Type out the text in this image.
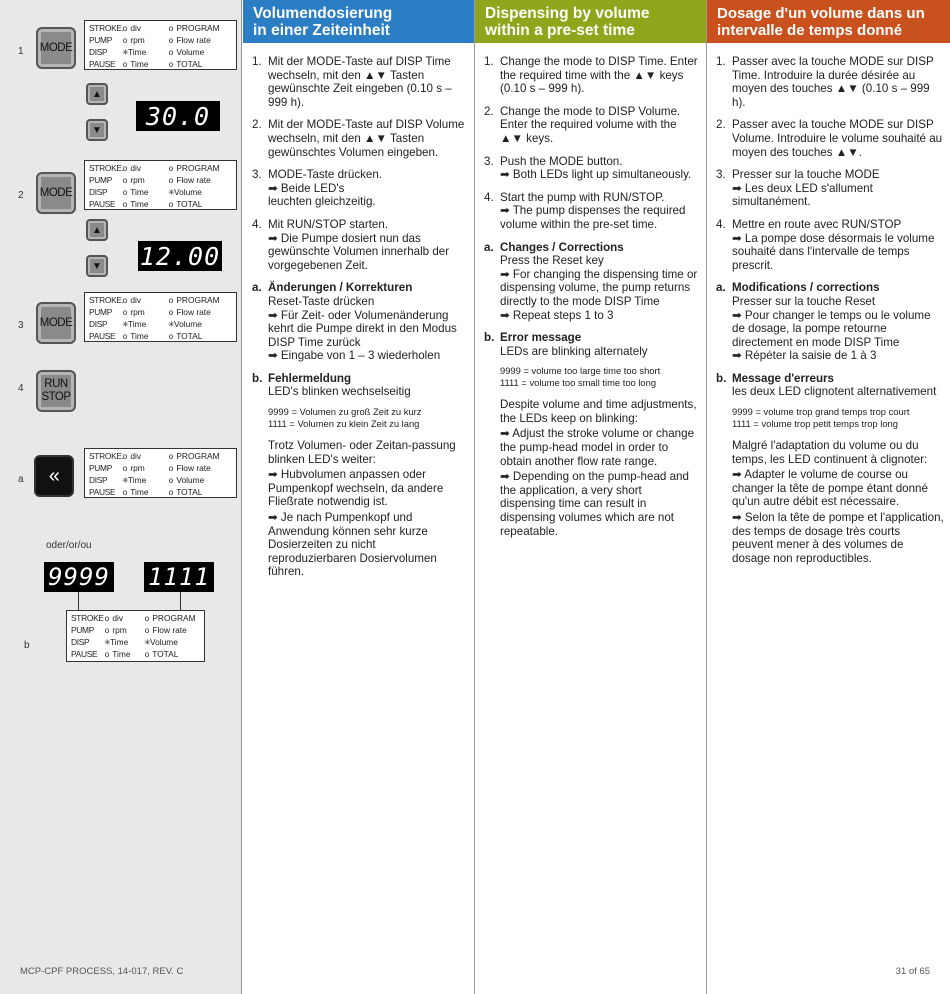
1
2
3
4
a
b
MODE
STROKE. o div	o PROGRAM
PUMP	o rpm	o Flow rate
DISP	✳Time	o Volume
PAUSE o Time	o TOTAL
▲
▼	30.0
MODE
STROKE. o div	o PROGRAM
PUMP	o rpm	o Flow rate
DISP	o Time	✳Volume
PAUSE o Time	o TOTAL
▲
▼ 12.00
MODE
STROKE. o div	o PROGRAM
PUMP	o rpm	o Flow rate
DISP	✳Time	✳Volume
PAUSE o Time	o TOTAL
RUN
STOP
«
STROKE. o div	o PROGRAM
PUMP	o rpm	o Flow rate
DISP	✳Time	o Volume
PAUSE o Time	o TOTAL
oder/or/ou
9999 1111
STROKE o div	o PROGRAM
PUMP	o rpm	o Flow rate
DISP	✳Time	✳Volume
PAUSE o Time	o TOTAL
Volumendosierung
in einer Zeiteinheit
Dispensing by volume
within a pre-set time
Dosage d'un volume dans un
intervalle de temps donné
1. Mit der MODE-Taste auf DISP Time wechseln, mit den ▲▼ Tasten gewünschte Zeit eingeben (0.10 s – 999 h).
2. Mit der MODE-Taste auf DISP Volume wechseln, mit den ▲▼ Tasten gewünschtes Volumen eingeben.
3. MODE-Taste drücken.
➡ Beide LED's
leuchten gleichzeitig.
4. Mit RUN/STOP starten.
➡ Die Pumpe dosiert nun das gewünschte Volumen innerhalb der vorgegebenen Zeit.
a. Änderungen / Korrekturen
Reset-Taste drücken
➡ Für Zeit- oder Volumenänderung kehrt die Pumpe direkt in den Modus DISP Time zurück
➡ Eingabe von 1 – 3 wiederholen
b. Fehlermeldung
LED's blinken wechselseitig
9999 = Volumen zu groß Zeit zu kurz
1111 = Volumen zu klein Zeit zu lang
Trotz Volumen- oder Zeitan-passung blinken LED's weiter:
➡ Hubvolumen anpassen oder Pumpenkopf wechseln, da andere Fließrate notwendig ist.
➡ Je nach Pumpenkopf und Anwendung können sehr kurze Dosierzeiten zu nicht reproduzierbaren Dosiervolumen führen.
1. Change the mode to DISP Time. Enter the required time with the ▲▼ keys (0.10 s – 999 h).
2. Change the mode to DISP Volume. Enter the required volume with the ▲▼ keys.
3. Push the MODE button.
➡ Both LEDs light up simultaneously.
4. Start the pump with RUN/STOP.
➡ The pump dispenses the required volume within the pre-set time.
a. Changes / Corrections
Press the Reset key
➡ For changing the dispensing time or dispensing volume, the pump returns directly to the mode DISP Time
➡ Repeat steps 1 to 3
b. Error message
LEDs are blinking alternately
9999 = volume too large time too short
1111 = volume too small time too long
Despite volume and time adjustments, the LEDs keep on blinking:
➡ Adjust the stroke volume or change the pump-head model in order to obtain another flow rate range.
➡ Depending on the pump-head and the application, a very short dispensing time can result in dispensing volumes which are not repeatable.
1. Passer avec la touche MODE sur DISP Time. Introduire la durée désirée au moyen des touches ▲▼ (0.10 s – 999 h).
2. Passer avec la touche MODE sur DISP Volume. Introduire le volume souhaité au moyen des touches ▲▼.
3. Presser sur la touche MODE
➡ Les deux LED s'allument simultanément.
4. Mettre en route avec RUN/STOP
➡ La pompe dose désormais le volume souhaité dans l'intervalle de temps prescrit.
a. Modifications / corrections
Presser sur la touche Reset
➡ Pour changer le temps ou le volume de dosage, la pompe retourne directement en mode DISP Time
➡ Répéter la saisie de 1 à 3
b. Message d'erreurs
les deux LED clignotent alternativement
9999 = volume trop grand temps trop court
1111 = volume trop petit temps trop long
Malgré l'adaptation du volume ou du temps, les LED continuent à clignoter:
➡ Adapter le volume de course ou changer la tête de pompe étant donné qu'un autre débit est nécessaire.
➡ Selon la tête de pompe et l'application, des temps de dosage très courts peuvent mener à des volumes de dosage non reproductibles.
MCP-CPF PROCESS, 14-017, REV. C	31 of 65
